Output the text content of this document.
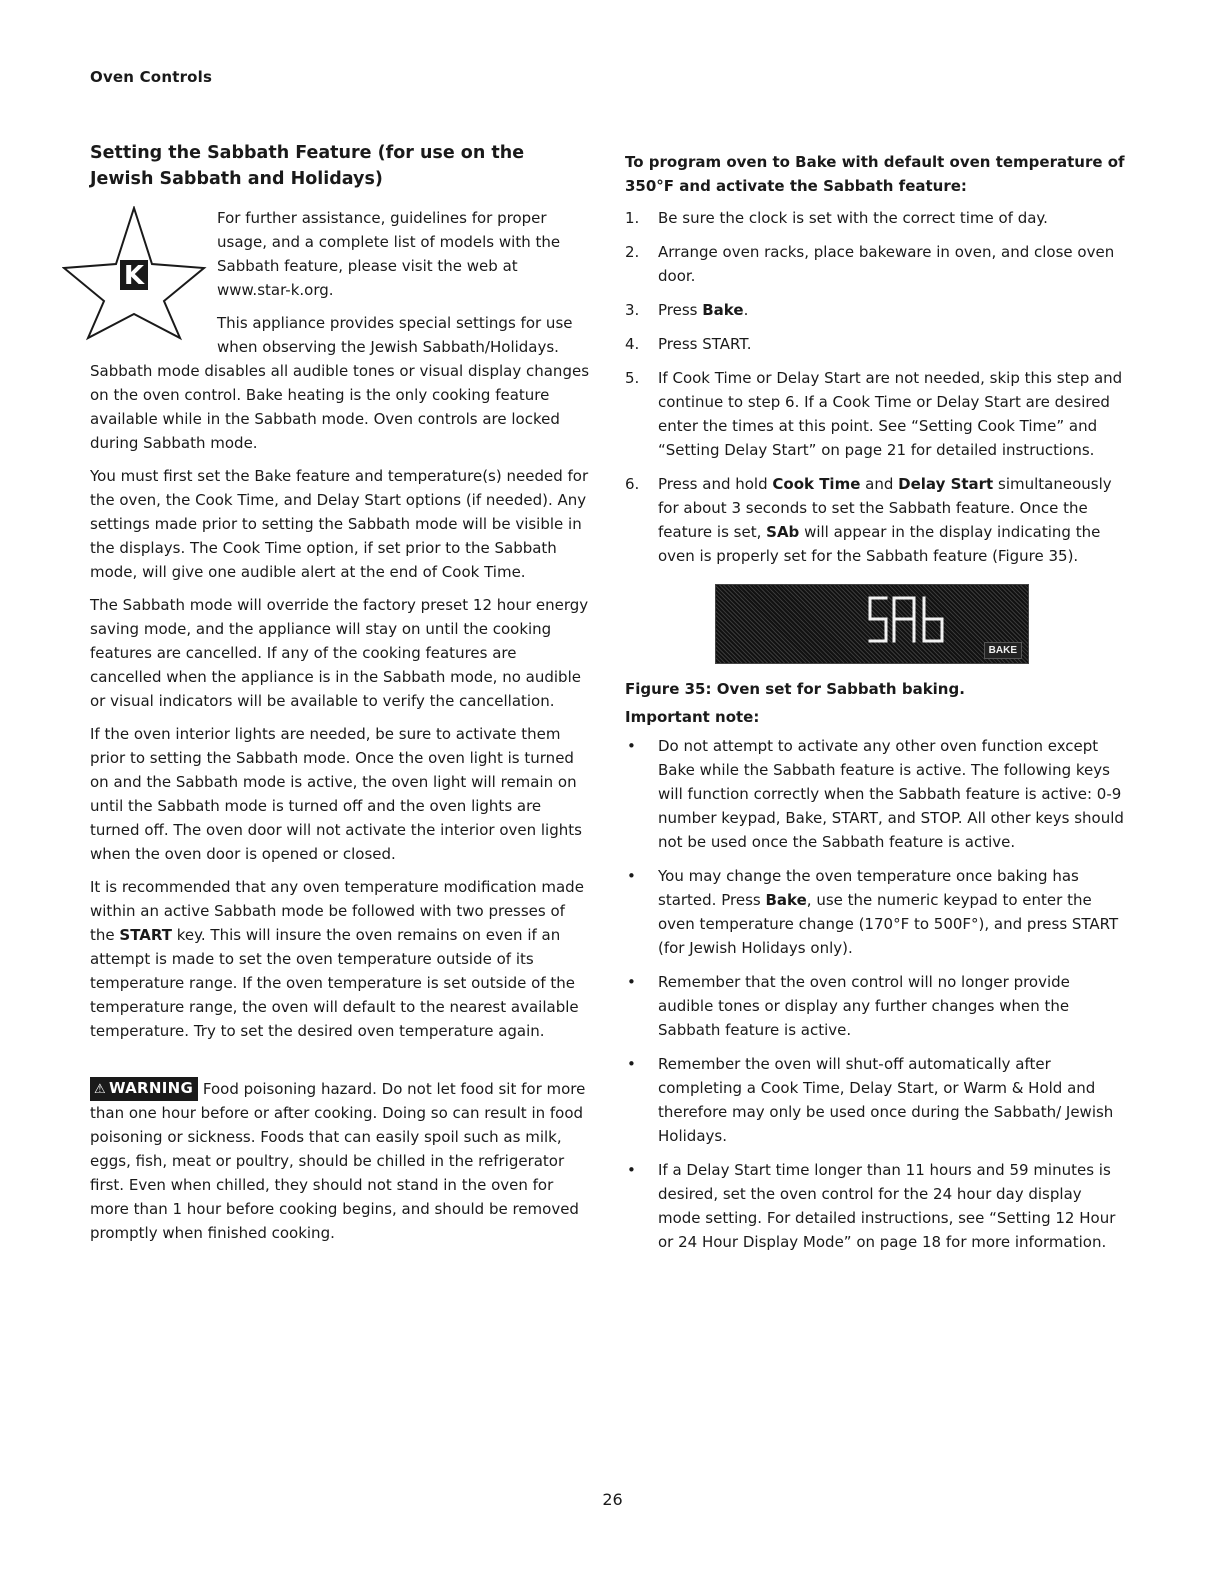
Oven Controls
Setting the Sabbath Feature (for use on the Jewish Sabbath and Holidays)
K

For further assistance, guidelines for proper usage, and a complete list of models with the Sabbath feature, please visit the web at www.star-k.org.

This appliance provides special settings for use when observing the Jewish Sabbath/Holidays. Sabbath mode disables all audible tones or visual display changes on the oven control. Bake heating is the only cooking feature available while in the Sabbath mode. Oven controls are locked during Sabbath mode.

You must first set the Bake feature and temperature(s) needed for the oven, the Cook Time, and Delay Start options (if needed). Any settings made prior to setting the Sabbath mode will be visible in the displays. The Cook Time option, if set prior to the Sabbath mode, will give one audible alert at the end of Cook Time.

The Sabbath mode will override the factory preset 12 hour energy saving mode, and the appliance will stay on until the cooking features are cancelled. If any of the cooking features are cancelled when the appliance is in the Sabbath mode, no audible or visual indicators will be available to verify the cancellation.

If the oven interior lights are needed, be sure to activate them prior to setting the Sabbath mode. Once the oven light is turned on and the Sabbath mode is active, the oven light will remain on until the Sabbath mode is turned off and the oven lights are turned off. The oven door will not activate the interior oven lights when the oven door is opened or closed.

It is recommended that any oven temperature modification made within an active Sabbath mode be followed with two presses of the START key. This will insure the oven remains on even if an attempt is made to set the oven temperature outside of its temperature range. If the oven temperature is set outside of the temperature range, the oven will default to the nearest available temperature. Try to set the desired oven temperature again.

⚠ WARNING Food poisoning hazard. Do not let food sit for more than one hour before or after cooking. Doing so can result in food poisoning or sickness. Foods that can easily spoil such as milk, eggs, fish, meat or poultry, should be chilled in the refrigerator first. Even when chilled, they should not stand in the oven for more than 1 hour before cooking begins, and should be removed promptly when finished cooking.

To program oven to Bake with default oven temperature of 350°F and activate the Sabbath feature:
1. Be sure the clock is set with the correct time of day.
2. Arrange oven racks, place bakeware in oven, and close oven door.
3. Press Bake.
4. Press START.
5. If Cook Time or Delay Start are not needed, skip this step and continue to step 6. If a Cook Time or Delay Start are desired enter the times at this point. See “Setting Cook Time” and “Setting Delay Start” on page 21 for detailed instructions.
6. Press and hold Cook Time and Delay Start simultaneously for about 3 seconds to set the Sabbath feature. Once the feature is set, SAb will appear in the display indicating the oven is properly set for the Sabbath feature (Figure 35).
BAKE
Figure 35: Oven set for Sabbath baking.
Important note:
• Do not attempt to activate any other oven function except Bake while the Sabbath feature is active. The following keys will function correctly when the Sabbath feature is active: 0-9 number keypad, Bake, START, and STOP. All other keys should not be used once the Sabbath feature is active.
• You may change the oven temperature once baking has started. Press Bake, use the numeric keypad to enter the oven temperature change (170°F to 500F°), and press START (for Jewish Holidays only).
• Remember that the oven control will no longer provide audible tones or display any further changes when the Sabbath feature is active.
• Remember the oven will shut-off automatically after completing a Cook Time, Delay Start, or Warm & Hold and therefore may only be used once during the Sabbath/ Jewish Holidays.
• If a Delay Start time longer than 11 hours and 59 minutes is desired, set the oven control for the 24 hour day display mode setting. For detailed instructions, see “Setting 12 Hour or 24 Hour Display Mode” on page 18 for more information.
26
